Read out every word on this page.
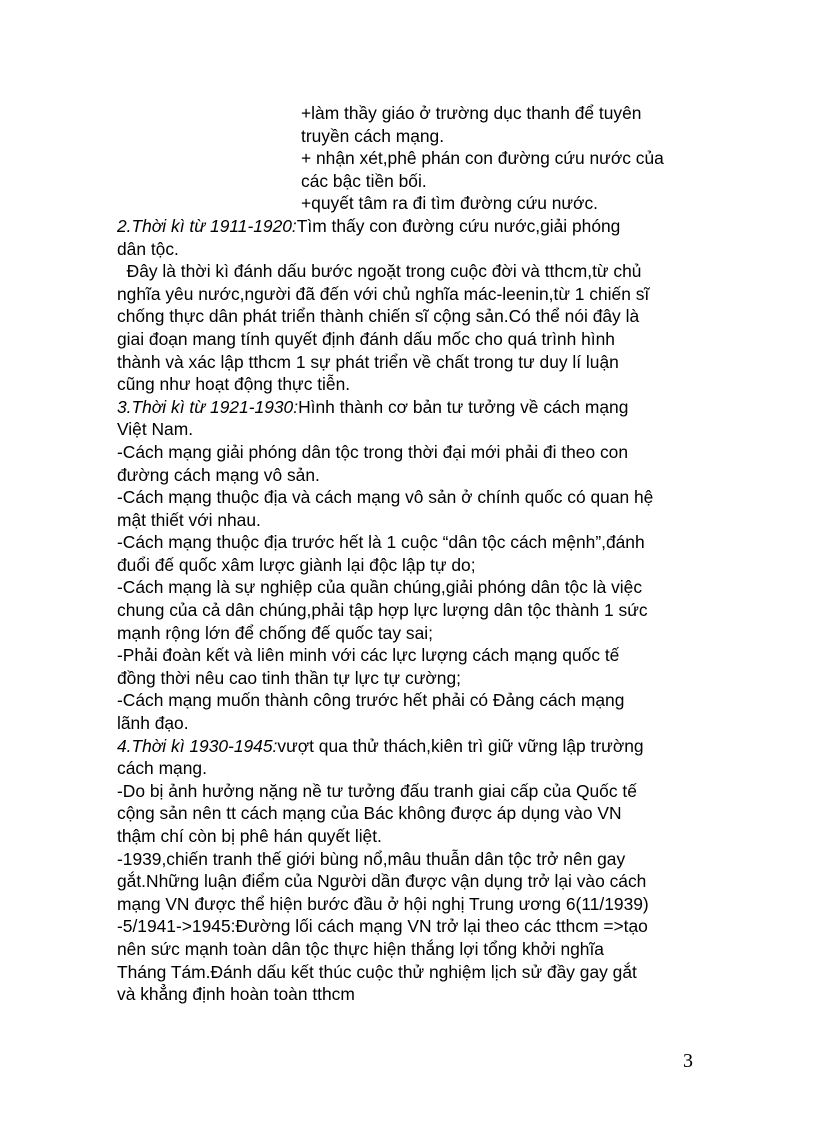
+làm thầy giáo ở trường dục thanh để tuyên

truyền cách mạng.

+ nhận xét,phê phán con đường cứu nước của

các bậc tiền bối.

+quyết tâm ra đi tìm đường cứu nước.

2.Thời kì từ 1911-1920:Tìm thấy con đường cứu nước,giải phóng

dân tộc.

Đây là thời kì đánh dấu bước ngoặt trong cuộc đời và tthcm,từ chủ

nghĩa yêu nước,người đã đến với chủ nghĩa mác-leenin,từ 1 chiến sĩ

chống thực dân phát triển thành chiến sĩ cộng sản.Có thể nói đây là

giai đoạn mang tính quyết định đánh dấu mốc cho quá trình hình

thành và xác lập tthcm 1 sự phát triển về chất trong tư duy lí luận

cũng như hoạt động thực tiễn.

3.Thời kì từ 1921-1930:Hình thành cơ bản tư tưởng về cách mạng

Việt Nam.

-Cách mạng giải phóng dân tộc trong thời đại mới phải đi theo con

đường cách mạng vô sản.

-Cách mạng thuộc địa và cách mạng vô sản ở chính quốc có quan hệ

mật thiết với nhau.

-Cách mạng thuộc địa trước hết là 1 cuộc “dân tộc cách mệnh”,đánh

đuổi đế quốc xâm lược giành lại độc lập tự do;

-Cách mạng là sự nghiệp của quần chúng,giải phóng dân tộc là việc

chung của cả dân chúng,phải tập hợp lực lượng dân tộc thành 1 sức

mạnh rộng lớn để chống đế quốc tay sai;

-Phải đoàn kết và liên minh với các lực lượng cách mạng quốc tế

đồng thời nêu cao tinh thần tự lực tự cường;

-Cách mạng muốn thành công trước hết phải có Đảng cách mạng

lãnh đạo.

4.Thời kì 1930-1945:vượt qua thử thách,kiên trì giữ vững lập trường

cách mạng.

-Do bị ảnh hưởng nặng nề tư tưởng đấu tranh giai cấp của Quốc tế

cộng sản nên tt cách mạng của Bác không được áp dụng vào VN

thậm chí còn bị phê hán quyết liệt.

-1939,chiến tranh thế giới bùng nổ,mâu thuẫn dân tộc trở nên gay

gắt.Những luận điểm của Người dần được vận dụng trở lại vào cách

mạng VN được thể hiện bước đầu ở hội nghị Trung ương 6(11/1939)

-5/1941->1945:Đường lối cách mạng VN trở lại theo các tthcm =>tạo

nên sức mạnh toàn dân tộc thực hiện thắng lợi tổng khởi nghĩa

Tháng Tám.Đánh dấu kết thúc cuộc thử nghiệm lịch sử đầy gay gắt

và khẳng định hoàn toàn tthcm

3
